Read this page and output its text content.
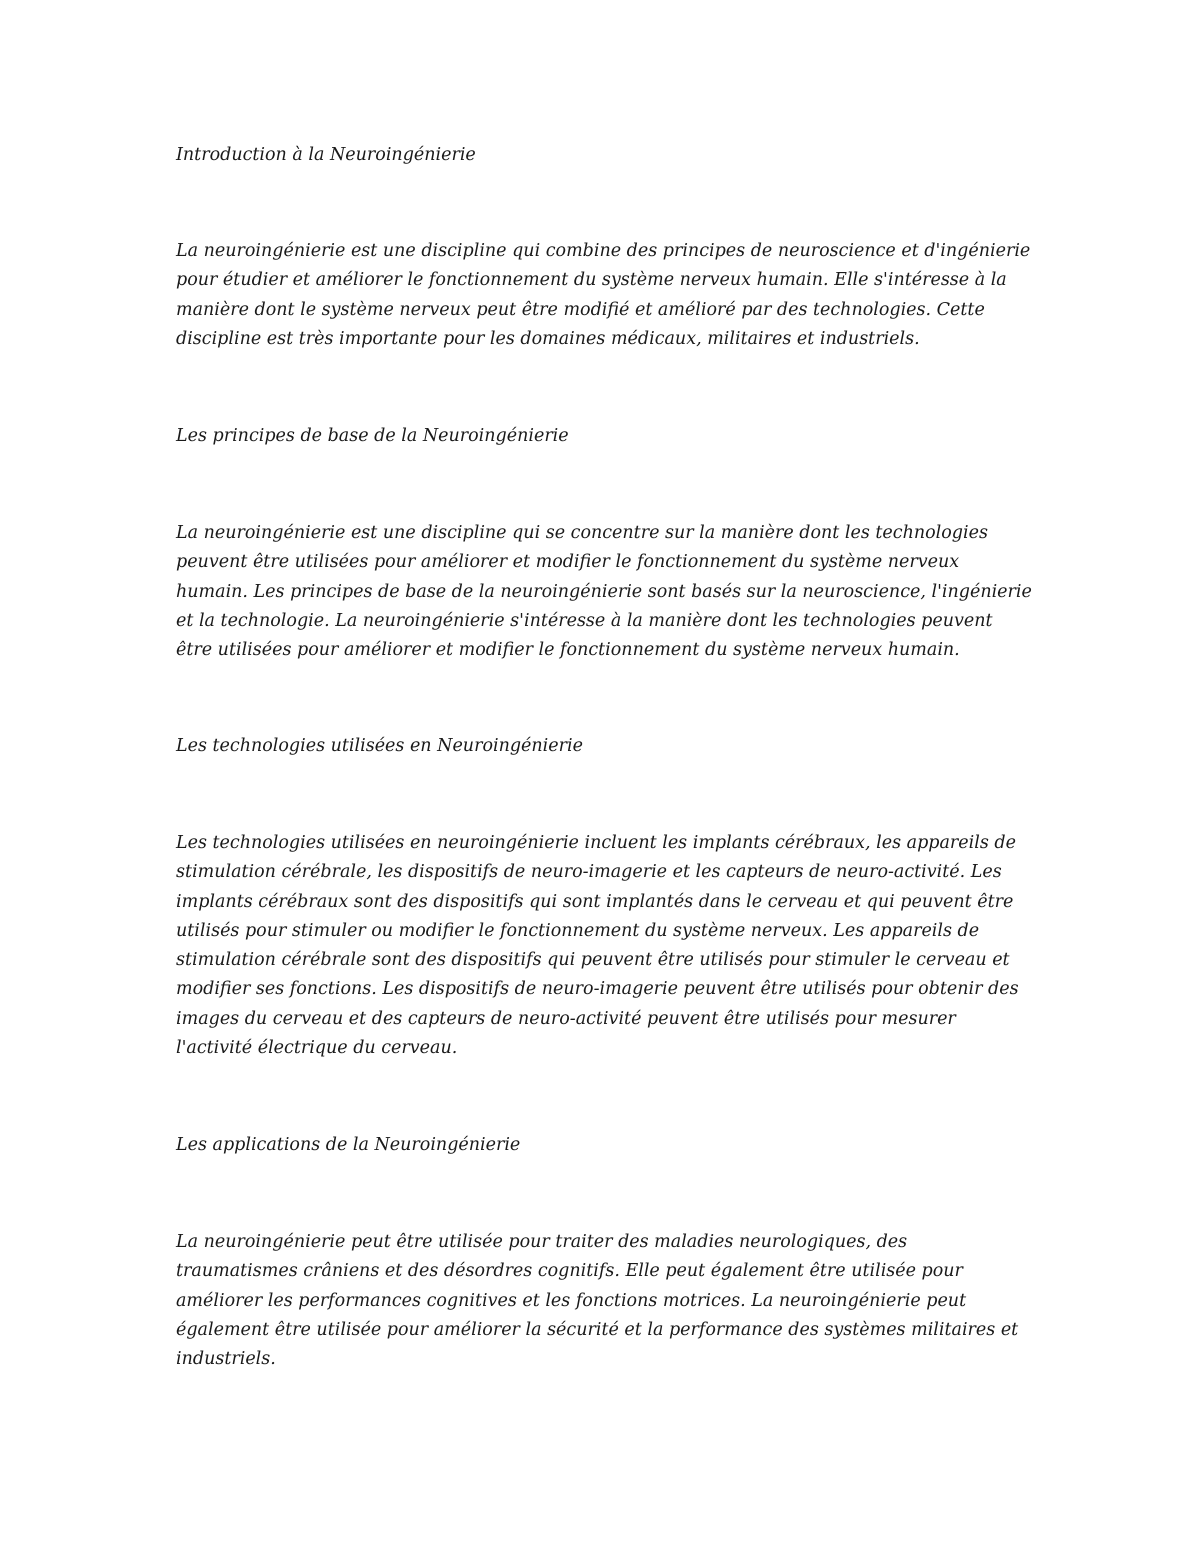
Introduction à la Neuroingénierie

La neuroingénierie est une discipline qui combine des principes de neuroscience et d'ingénierie
pour étudier et améliorer le fonctionnement du système nerveux humain. Elle s'intéresse à la
manière dont le système nerveux peut être modifié et amélioré par des technologies. Cette
discipline est très importante pour les domaines médicaux, militaires et industriels.

Les principes de base de la Neuroingénierie

La neuroingénierie est une discipline qui se concentre sur la manière dont les technologies
peuvent être utilisées pour améliorer et modifier le fonctionnement du système nerveux
humain. Les principes de base de la neuroingénierie sont basés sur la neuroscience, l'ingénierie
et la technologie. La neuroingénierie s'intéresse à la manière dont les technologies peuvent
être utilisées pour améliorer et modifier le fonctionnement du système nerveux humain.

Les technologies utilisées en Neuroingénierie

Les technologies utilisées en neuroingénierie incluent les implants cérébraux, les appareils de
stimulation cérébrale, les dispositifs de neuro-imagerie et les capteurs de neuro-activité. Les
implants cérébraux sont des dispositifs qui sont implantés dans le cerveau et qui peuvent être
utilisés pour stimuler ou modifier le fonctionnement du système nerveux. Les appareils de
stimulation cérébrale sont des dispositifs qui peuvent être utilisés pour stimuler le cerveau et
modifier ses fonctions. Les dispositifs de neuro-imagerie peuvent être utilisés pour obtenir des
images du cerveau et des capteurs de neuro-activité peuvent être utilisés pour mesurer
l'activité électrique du cerveau.

Les applications de la Neuroingénierie

La neuroingénierie peut être utilisée pour traiter des maladies neurologiques, des
traumatismes crâniens et des désordres cognitifs. Elle peut également être utilisée pour
améliorer les performances cognitives et les fonctions motrices. La neuroingénierie peut
également être utilisée pour améliorer la sécurité et la performance des systèmes militaires et
industriels.
